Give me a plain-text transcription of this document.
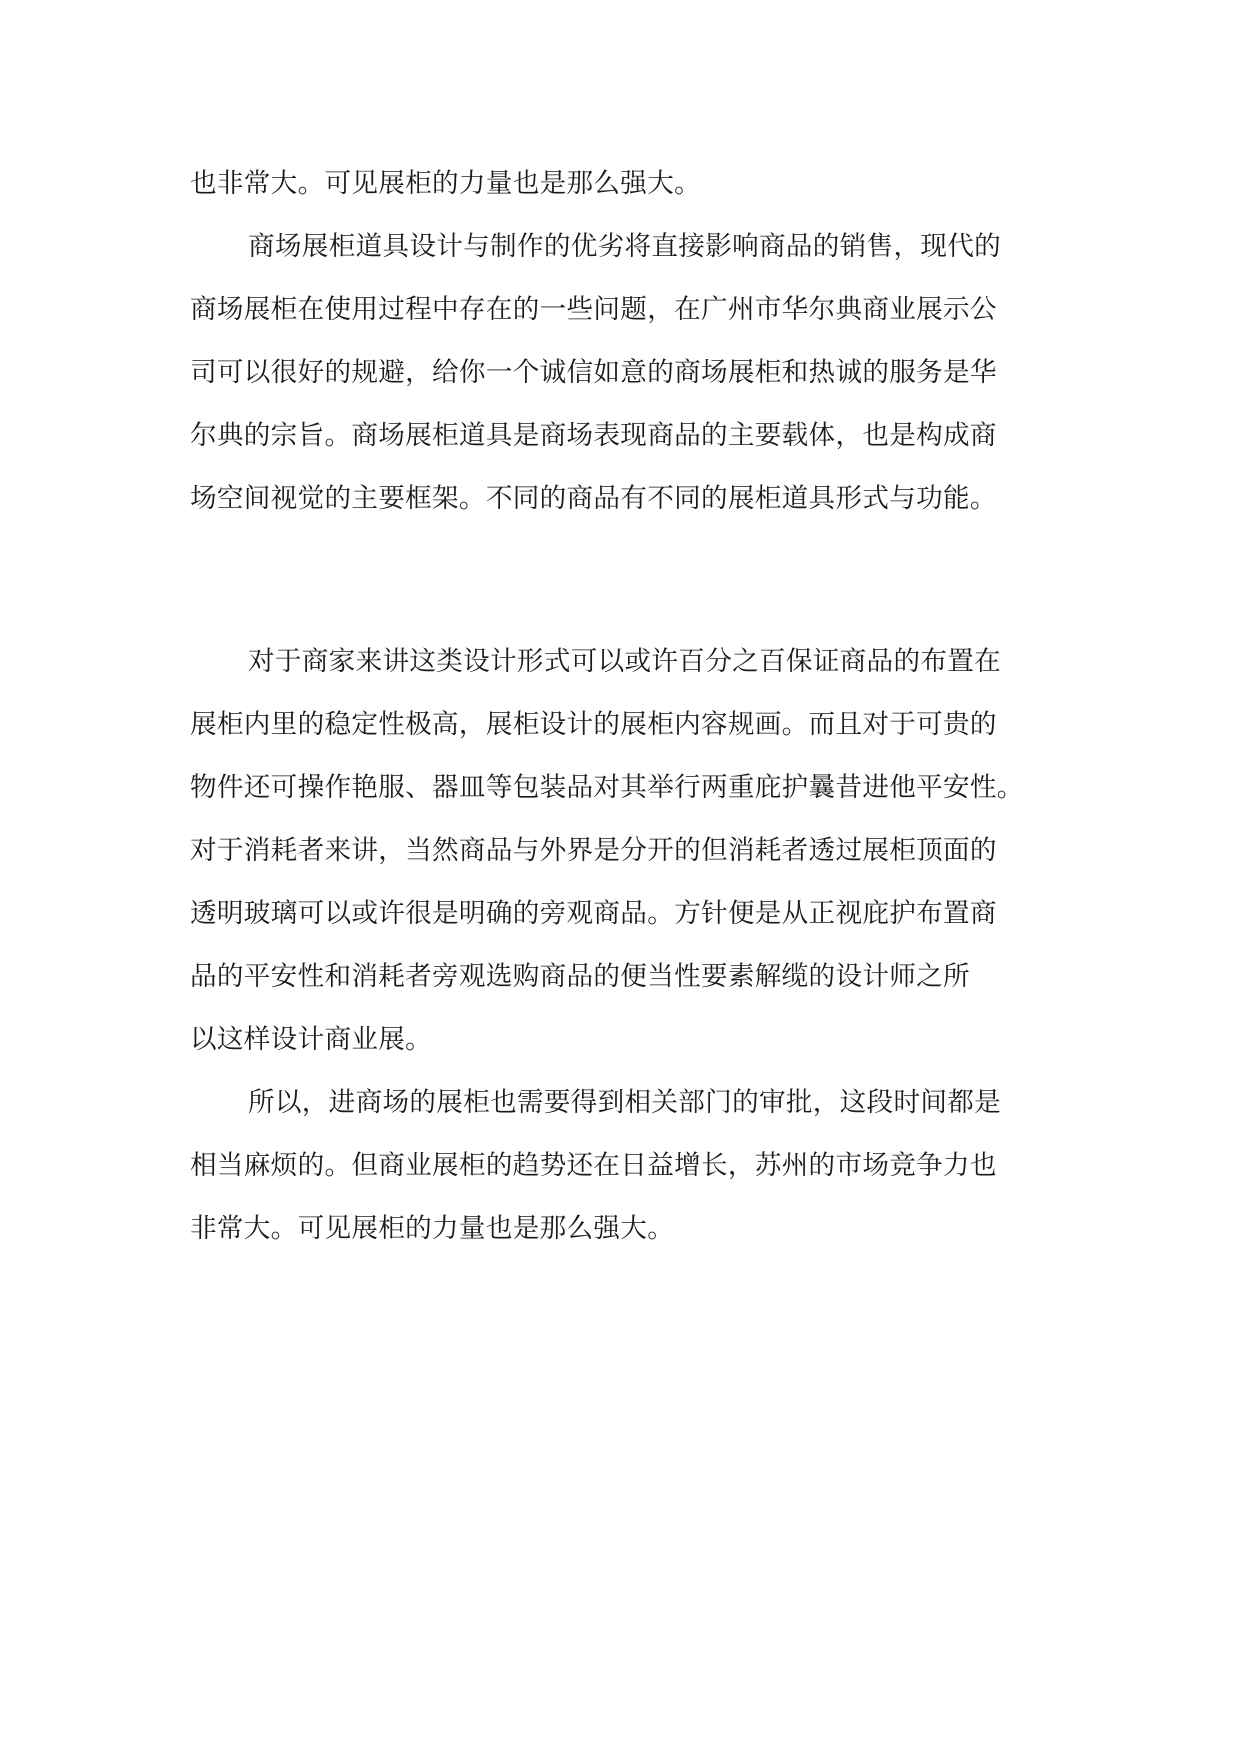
也非常大。可见展柜的力量也是那么强大。
商场展柜道具设计与制作的优劣将直接影响商品的销售，现代的
商场展柜在使用过程中存在的一些问题，在广州市华尔典商业展示公
司可以很好的规避，给你一个诚信如意的商场展柜和热诚的服务是华
尔典的宗旨。商场展柜道具是商场表现商品的主要载体，也是构成商
场空间视觉的主要框架。不同的商品有不同的展柜道具形式与功能。
对于商家来讲这类设计形式可以或许百分之百保证商品的布置在
展柜内里的稳定性极高，展柜设计的展柜内容规画。而且对于可贵的
物件还可操作艳服、器皿等包装品对其举行两重庇护曩昔进他平安性。
对于消耗者来讲，当然商品与外界是分开的但消耗者透过展柜顶面的
透明玻璃可以或许很是明确的旁观商品。方针便是从正视庇护布置商
品的平安性和消耗者旁观选购商品的便当性要素解缆的设计师之所
以这样设计商业展。
所以，进商场的展柜也需要得到相关部门的审批，这段时间都是
相当麻烦的。但商业展柜的趋势还在日益增长，苏州的市场竞争力也
非常大。可见展柜的力量也是那么强大。
